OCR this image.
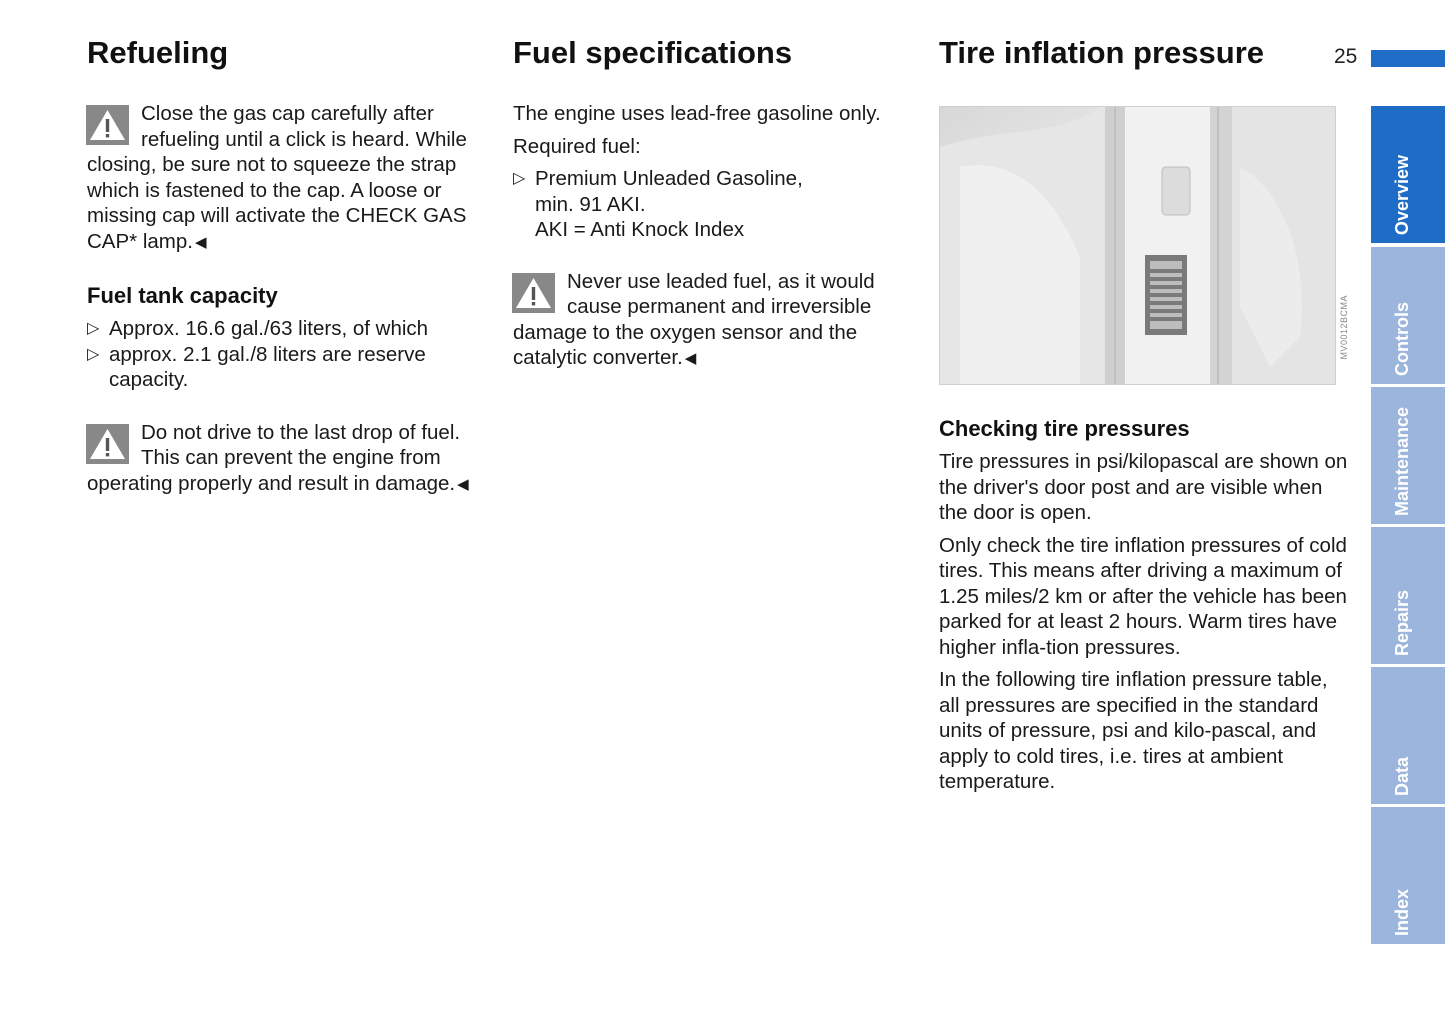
Refueling
Close the gas cap carefully after refueling until a click is heard. While closing, be sure not to squeeze the strap which is fastened to the cap. A loose or missing cap will activate the CHECK GAS CAP* lamp. ◀
Fuel tank capacity
▷ Approx. 16.6 gal./63 liters, of which
▷ approx. 2.1 gal./8 liters are reserve capacity.
Do not drive to the last drop of fuel. This can prevent the engine from operating properly and result in damage. ◀
Fuel specifications

The engine uses lead-free gasoline only.

Required fuel:

▷ Premium Unleaded Gasoline,
min. 91 AKI.
AKI = Anti Knock Index
Never use leaded fuel, as it would cause permanent and irreversible damage to the oxygen sensor and the catalytic converter. ◀
Tire inflation pressure
MV0012BCMA
Checking tire pressures

Tire pressures in psi/kilopascal are shown on the driver's door post and are visible when the door is open.

Only check the tire inflation pressures of cold tires. This means after driving a maximum of 1.25 miles/2 km or after the vehicle has been parked for at least 2 hours. Warm tires have higher infla-tion pressures.

In the following tire inflation pressure table, all pressures are specified in the standard units of pressure, psi and kilo-pascal, and apply to cold tires, i.e. tires at ambient temperature.

25
Overview
Controls
Maintenance
Repairs
Data
Index
